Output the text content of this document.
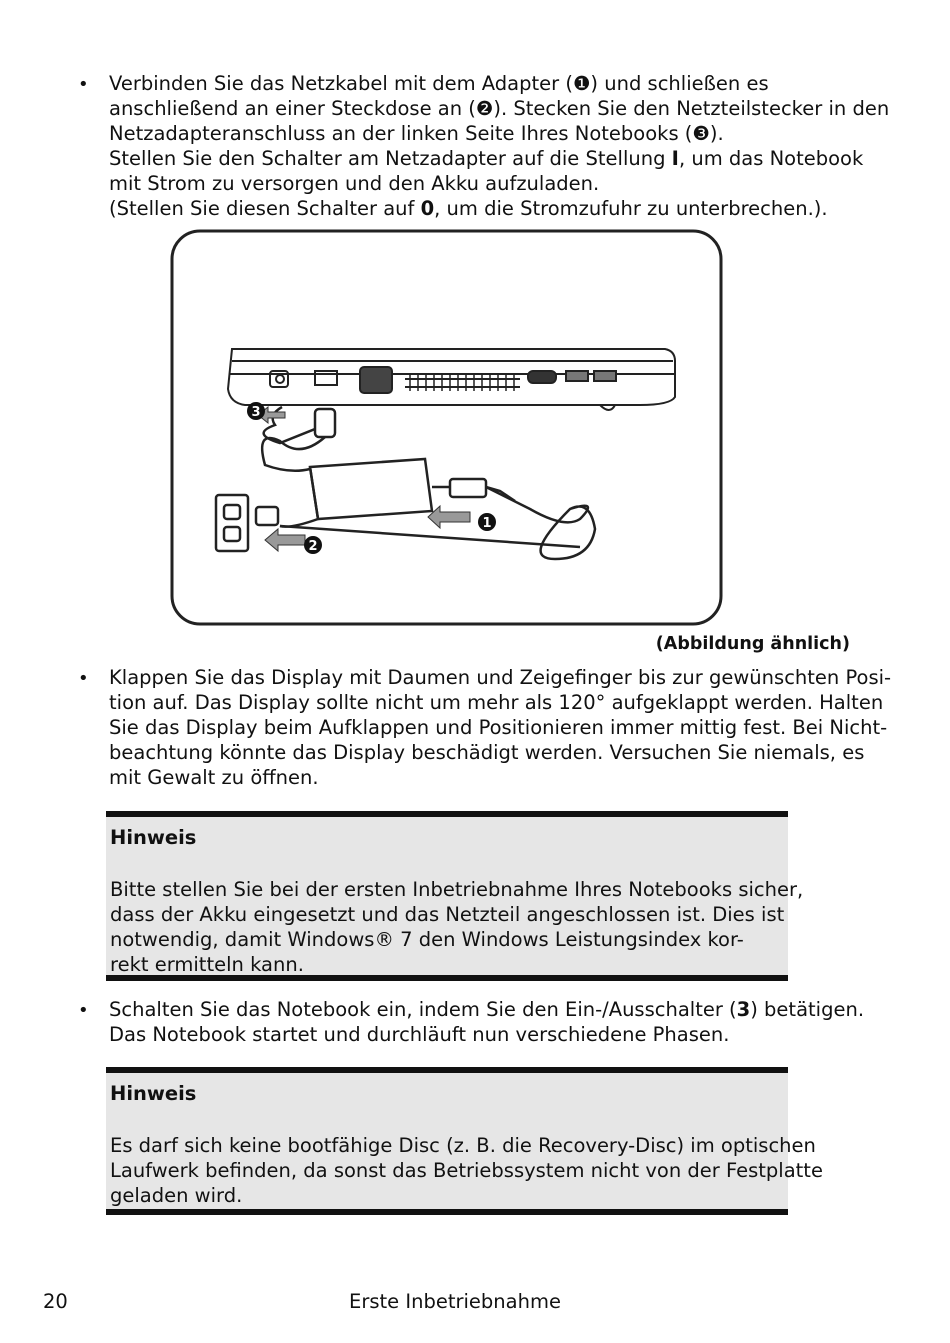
•
Verbinden Sie das Netzkabel mit dem Adapter (❶) und schließen es
anschließend an einer Steckdose an (❷). Stecken Sie den Netzteilstecker in den
Netzadapteranschluss an der linken Seite Ihres Notebooks (❸).
Stellen Sie den Schalter am Netzadapter auf die Stellung I, um das Notebook
mit Strom zu versorgen und den Akku aufzuladen.
(Stellen Sie diesen Schalter auf 0, um die Stromzufuhr zu unterbrechen.).
1
2
3
(Abbildung ähnlich)
•
Klappen Sie das Display mit Daumen und Zeigefinger bis zur gewünschten Posi-
tion auf. Das Display sollte nicht um mehr als 120° aufgeklappt werden. Halten
Sie das Display beim Aufklappen und Positionieren immer mittig fest. Bei Nicht-
beachtung könnte das Display beschädigt werden. Versuchen Sie niemals, es
mit Gewalt zu öffnen.
Hinweis
Bitte stellen Sie bei der ersten Inbetriebnahme Ihres Notebooks sicher,
dass der Akku eingesetzt und das Netzteil angeschlossen ist. Dies ist
notwendig, damit Windows® 7 den Windows Leistungsindex kor-
rekt ermitteln kann.
•
Schalten Sie das Notebook ein, indem Sie den Ein-/Ausschalter (3) betätigen.
Das Notebook startet und durchläuft nun verschiedene Phasen.
Hinweis
Es darf sich keine bootfähige Disc (z. B. die Recovery-Disc) im optischen
Laufwerk befinden, da sonst das Betriebssystem nicht von der Festplatte
geladen wird.
20	Erste Inbetriebnahme
